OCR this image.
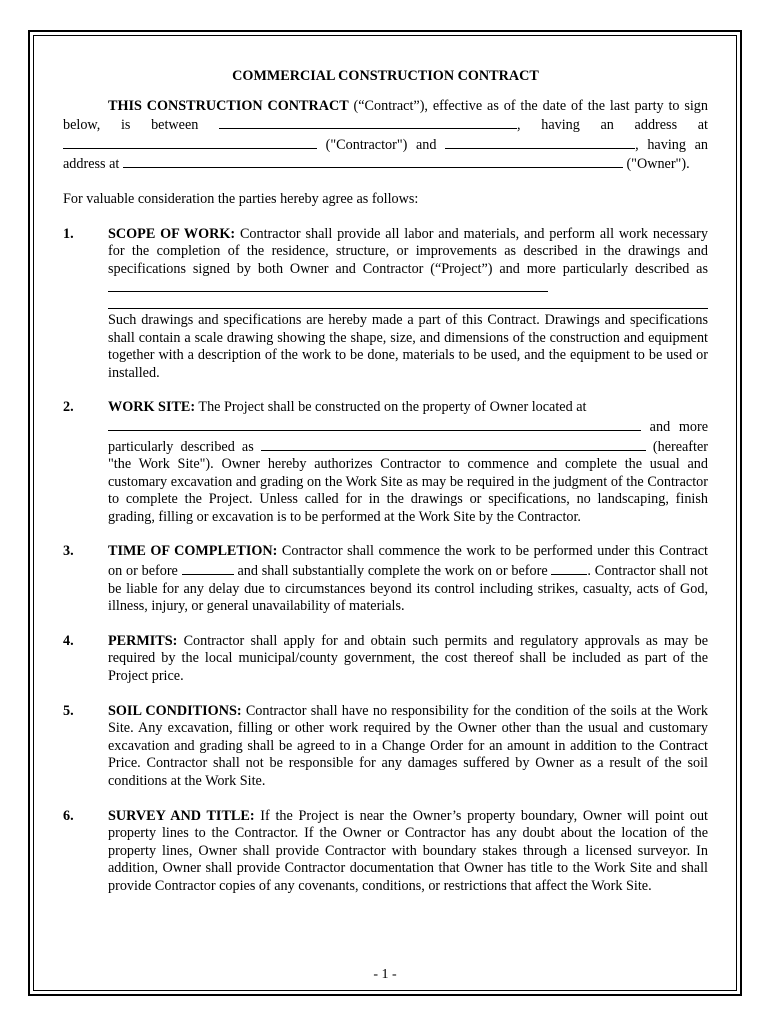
COMMERCIAL CONSTRUCTION CONTRACT

THIS CONSTRUCTION CONTRACT (“Contract”), effective as of the date of the last party to sign below, is between	, having an address at  ("Contractor") and	, having an address at	("Owner").

For valuable consideration the parties hereby agree as follows:

1. SCOPE OF WORK: Contractor shall provide all labor and materials, and perform all work necessary for the completion of the residence, structure, or improvements as described in the drawings and specifications signed by both Owner and Contractor (“Project”) and more particularly described as

Such drawings and specifications are hereby made a part of this Contract. Drawings and specifications shall contain a scale drawing showing the shape, size, and dimensions of the construction and equipment together with a description of the work to be done, materials to be used, and the equipment to be used or installed.

2. WORK SITE: The Project shall be constructed on the property of Owner located at

and more particularly described as	(hereafter "the Work Site"). Owner hereby authorizes Contractor to commence and complete the usual and customary excavation and grading on the Work Site as may be required in the judgment of the Contractor to complete the Project. Unless called for in the drawings or specifications, no landscaping, finish grading, filling or excavation is to be performed at the Work Site by the Contractor.

3. TIME OF COMPLETION: Contractor shall commence the work to be performed under this Contract on or before	and shall substantially complete the work on or before	. Contractor shall not be liable for any delay due to circumstances beyond its control including strikes, casualty, acts of God, illness, injury, or general unavailability of materials.

4. PERMITS: Contractor shall apply for and obtain such permits and regulatory approvals as may be required by the local municipal/county government, the cost thereof shall be included as part of the Project price.

5. SOIL CONDITIONS: Contractor shall have no responsibility for the condition of the soils at the Work Site. Any excavation, filling or other work required by the Owner other than the usual and customary excavation and grading shall be agreed to in a Change Order for an amount in addition to the Contract Price. Contractor shall not be responsible for any damages suffered by Owner as a result of the soil conditions at the Work Site.

6. SURVEY AND TITLE: If the Project is near the Owner’s property boundary, Owner will point out property lines to the Contractor. If the Owner or Contractor has any doubt about the location of the property lines, Owner shall provide Contractor with boundary stakes through a licensed surveyor. In addition, Owner shall provide Contractor documentation that Owner has title to the Work Site and shall provide Contractor copies of any covenants, conditions, or restrictions that affect the Work Site.

- 1 -
